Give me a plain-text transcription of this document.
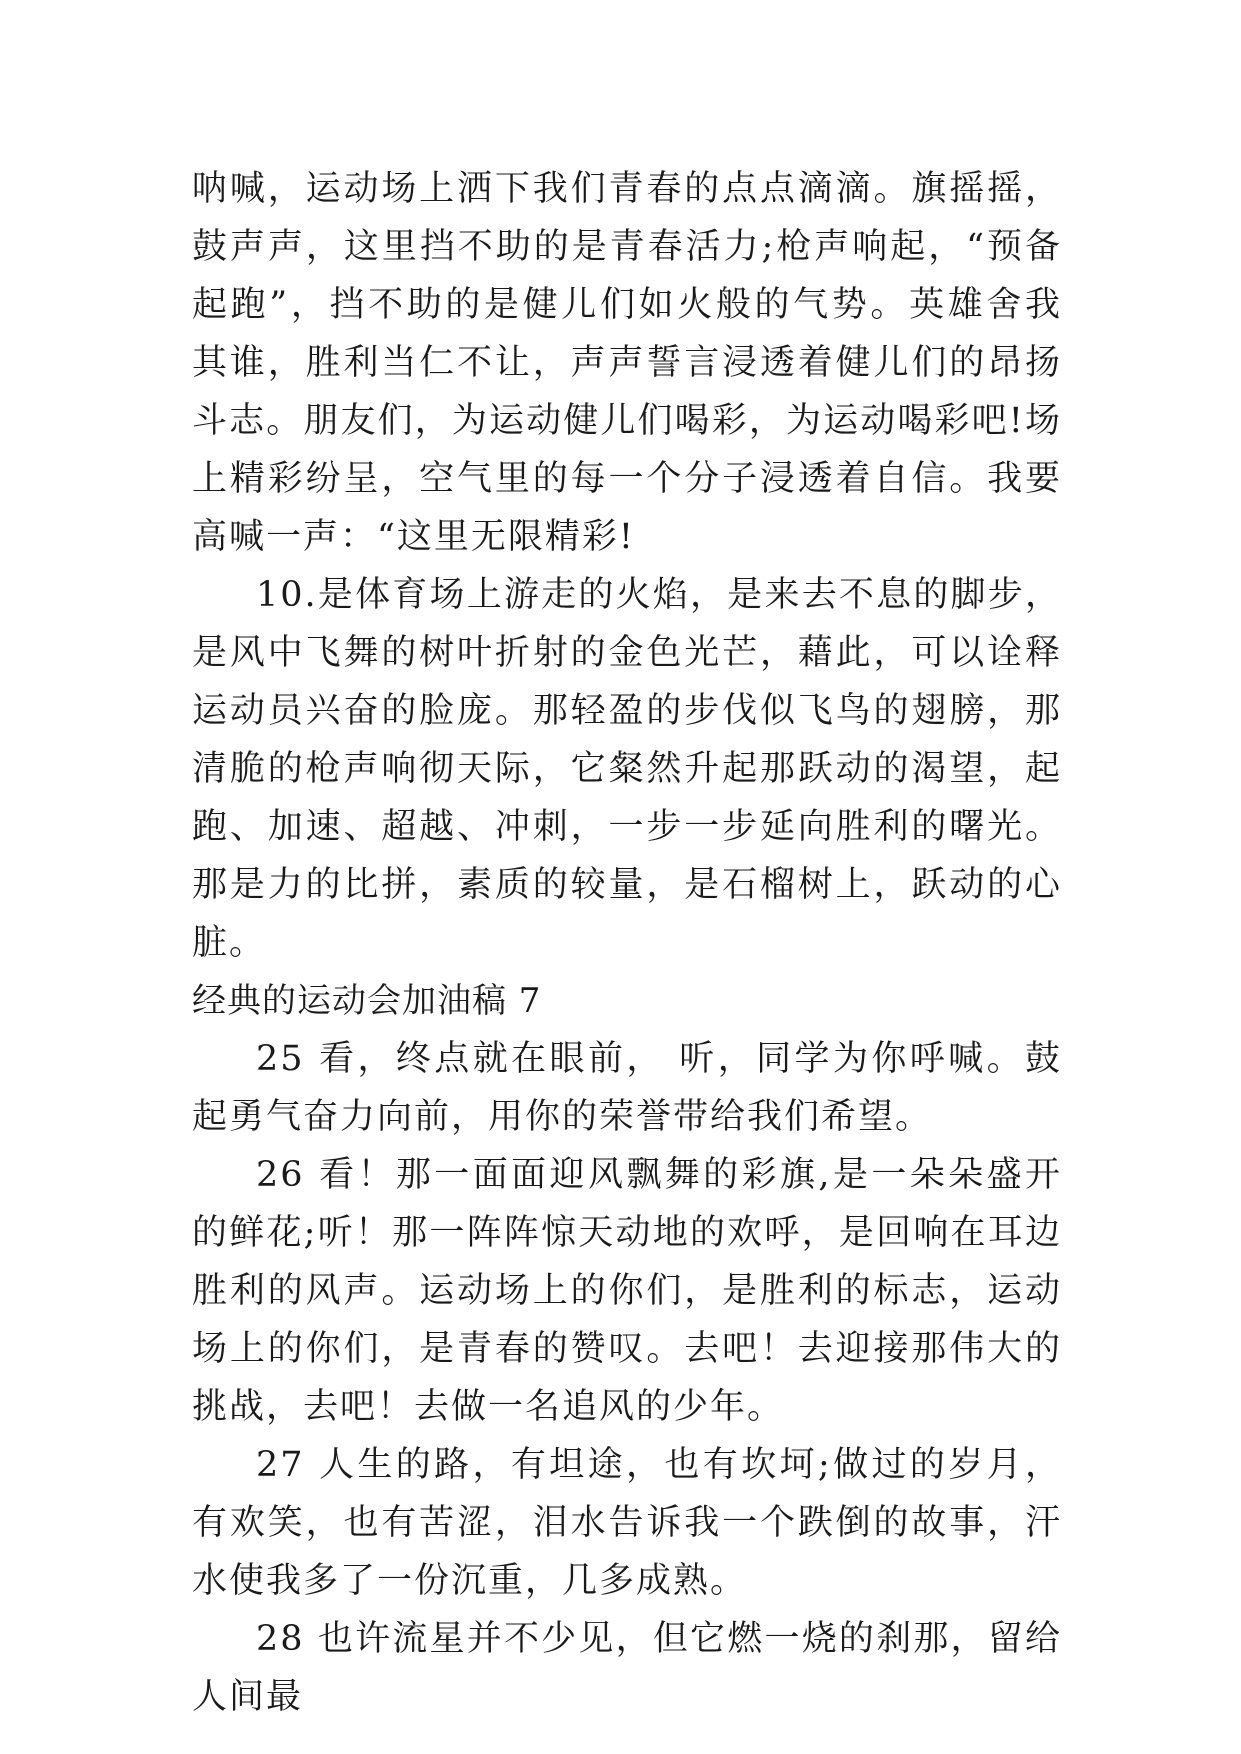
呐喊，运动场上洒下我们青春的点点滴滴。旗摇摇，鼓声声，这里挡不助的是青春活力;枪声响起，“预备起跑”，挡不助的是健儿们如火般的气势。英雄舍我其谁，胜利当仁不让，声声誓言浸透着健儿们的昂扬斗志。朋友们，为运动健儿们喝彩，为运动喝彩吧!场上精彩纷呈，空气里的每一个分子浸透着自信。我要高喊一声：“这里无限精彩!

10.是体育场上游走的火焰，是来去不息的脚步，是风中飞舞的树叶折射的金色光芒，藉此，可以诠释运动员兴奋的脸庞。那轻盈的步伐似飞鸟的翅膀，那清脆的枪声响彻天际，它粲然升起那跃动的渴望，起跑、加速、超越、冲刺，一步一步延向胜利的曙光。那是力的比拼，素质的较量，是石榴树上，跃动的心脏。

经典的运动会加油稿 7

25 看，终点就在眼前， 听，同学为你呼喊。鼓起勇气奋力向前，用你的荣誉带给我们希望。

26 看！那一面面迎风飘舞的彩旗,是一朵朵盛开的鲜花;听！那一阵阵惊天动地的欢呼，是回响在耳边胜利的风声。运动场上的你们，是胜利的标志，运动场上的你们，是青春的赞叹。去吧！去迎接那伟大的挑战，去吧！去做一名追风的少年。

27 人生的路，有坦途，也有坎坷;做过的岁月，有欢笑，也有苦涩，泪水告诉我一个跌倒的故事，汗水使我多了一份沉重，几多成熟。

28 也许流星并不少见，但它燃一烧的刹那，留给人间最
